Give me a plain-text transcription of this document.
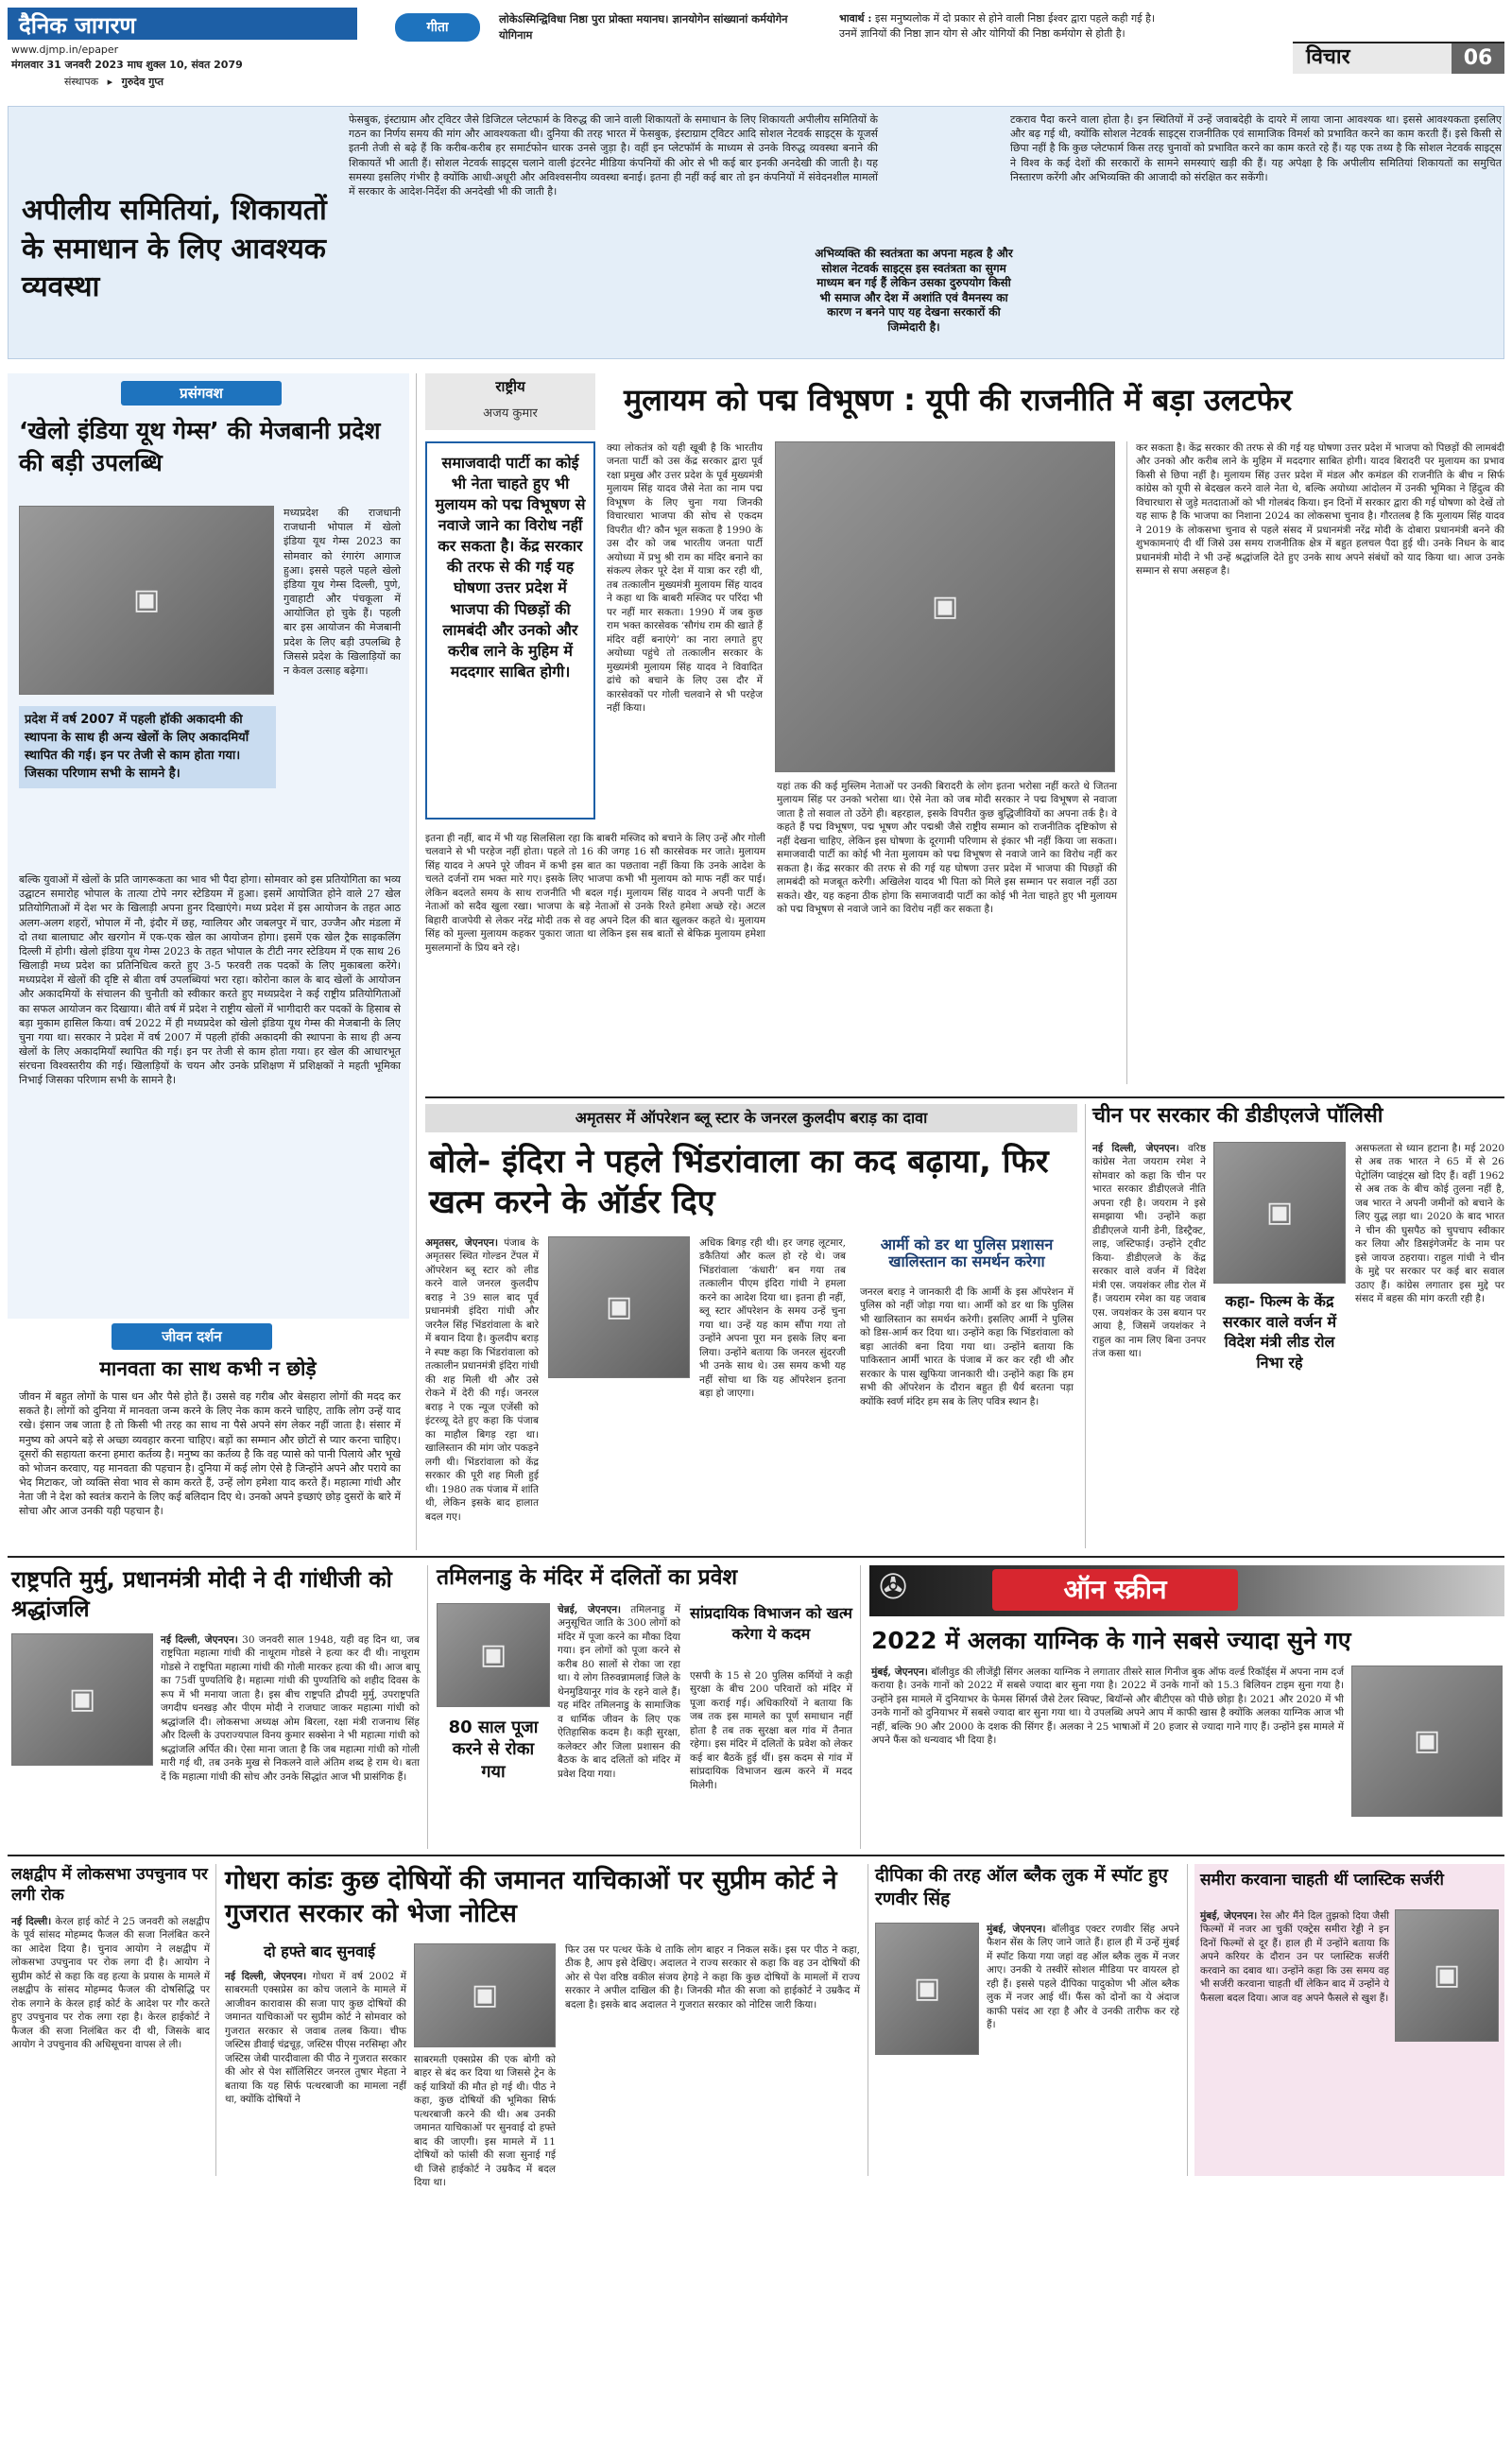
दैनिक जागरण
www.djmp.in/epaper
मंगलवार 31 जनवरी 2023 माघ शुक्ल 10, संवत 2079
संस्थापक ▸ गुरुदेव गुप्त
गीता
लोकेऽस्मिन्द्विविधा निष्ठा पुरा प्रोक्ता मयानघ। ज्ञानयोगेन सांख्यानां कर्मयोगेन योगिनाम
भावार्थ : इस मनुष्यलोक में दो प्रकार से होने वाली निष्ठा ईश्वर द्वारा पहले कही गई है। उनमें ज्ञानियों की निष्ठा ज्ञान योग से और योगियों की निष्ठा कर्मयोग से होती है।
विचार	06
अपीलीय समितियां, शिकायतों के समाधान के लिए आवश्यक व्यवस्था
फेसबुक, इंस्टाग्राम और ट्विटर जैसे डिजिटल प्लेटफार्म के विरुद्ध की जाने वाली शिकायतों के समाधान के लिए शिकायती अपीलीय समितियों के गठन का निर्णय समय की मांग और आवश्यकता थी। दुनिया की तरह भारत में फेसबुक, इंस्टाग्राम ट्विटर आदि सोशल नेटवर्क साइट्स के यूजर्स इतनी तेजी से बढ़े हैं कि करीब-करीब हर समार्टफोन धारक उनसे जुड़ा है। वहीं इन प्लेटफॉर्म के माध्यम से उनके विरुद्ध व्यवस्था बनाने की शिकायतें भी आती हैं। सोशल नेटवर्क साइट्स चलाने वाली इंटरनेट मीडिया कंपनियों की ओर से भी कई बार इनकी अनदेखी की जाती है। यह समस्या इसलिए गंभीर है क्योंकि आधी-अधूरी और अविश्वसनीय व्यवस्था बनाई। इतना ही नहीं कई बार तो इन कंपनियों में संवेदनशील मामलों में सरकार के आदेश-निर्देश की अनदेखी भी की जाती है।
टकराव पैदा करने वाला होता है। इन स्थितियों में उन्हें जवाबदेही के दायरे में लाया जाना आवश्यक था। इससे आवश्यकता इसलिए और बढ़ गई थी, क्योंकि सोशल नेटवर्क साइट्स राजनीतिक एवं सामाजिक विमर्श को प्रभावित करने का काम करती हैं। इसे किसी से छिपा नहीं है कि कुछ प्लेटफार्म किस तरह चुनावों को प्रभावित करने का काम करते रहे हैं। यह एक तथ्य है कि सोशल नेटवर्क साइट्स ने विश्व के कई देशों की सरकारों के सामने समस्याएं खड़ी की हैं। यह अपेक्षा है कि अपीलीय समितियां शिकायतों का समुचित निस्तारण करेंगी और अभिव्यक्ति की आजादी को संरक्षित कर सकेंगी।
अभिव्यक्ति की स्वतंत्रता का अपना महत्व है और सोशल नेटवर्क साइट्स इस स्वतंत्रता का सुगम माध्यम बन गई हैं लेकिन उसका दुरुपयोग किसी भी समाज और देश में अशांति एवं वैमनस्य का कारण न बनने पाए यह देखना सरकारों की जिम्मेदारी है।
प्रसंगवश
‘खेलो इंडिया यूथ गेम्स’ की मेजबानी प्रदेश की बड़ी उपलब्धि
▣
मध्यप्रदेश की राजधानी राजधानी भोपाल में खेलो इंडिया यूथ गेम्स 2023 का सोमवार को रंगारंग आगाज हुआ। इससे पहले पहले खेलो इंडिया यूथ गेम्स दिल्ली, पुणे, गुवाहाटी और पंचकूला में आयोजित हो चुके हैं। पहली बार इस आयोजन की मेजबानी प्रदेश के लिए बड़ी उपलब्धि है जिससे प्रदेश के खिलाड़ियों का न केवल उत्साह बढ़ेगा।
प्रदेश में वर्ष 2007 में पहली हॉकी अकादमी की स्थापना के साथ ही अन्य खेलों के लिए अकादमियाँ स्थापित की गई। इन पर तेजी से काम होता गया। जिसका परिणाम सभी के सामने है।
बल्कि युवाओं में खेलों के प्रति जागरूकता का भाव भी पैदा होगा। सोमवार को इस प्रतियोगिता का भव्य उद्घाटन समारोह भोपाल के तात्या टोपे नगर स्टेडियम में हुआ। इसमें आयोजित होने वाले 27 खेल प्रतियोगिताओं में देश भर के खिलाड़ी अपना हुनर दिखाएंगे। मध्य प्रदेश में इस आयोजन के तहत आठ अलग-अलग शहरों, भोपाल में नौ, इंदौर में छह, ग्वालियर और जबलपुर में चार, उज्जैन और मंडला में दो तथा बालाघाट और खरगोन में एक-एक खेल का आयोजन होगा। इसमें एक खेल ट्रैक साइकलिंग दिल्ली में होगी। खेलो इंडिया यूथ गेम्स 2023 के तहत भोपाल के टीटी नगर स्टेडियम में एक साथ 26 खिलाड़ी मध्य प्रदेश का प्रतिनिधित्व करते हुए 3-5 फरवरी तक पदकों के लिए मुकाबला करेंगे। मध्यप्रदेश में खेलों की दृष्टि से बीता वर्ष उपलब्धियां भरा रहा। कोरोना काल के बाद खेलों के आयोजन और अकादमियों के संचालन की चुनौती को स्वीकार करते हुए मध्यप्रदेश ने कई राष्ट्रीय प्रतियोगिताओं का सफल आयोजन कर दिखाया। बीते वर्ष में प्रदेश ने राष्ट्रीय खेलों में भागीदारी कर पदकों के हिसाब से बड़ा मुकाम हासिल किया। वर्ष 2022 में ही मध्यप्रदेश को खेलो इंडिया यूथ गेम्स की मेजबानी के लिए चुना गया था। सरकार ने प्रदेश में वर्ष 2007 में पहली हॉकी अकादमी की स्थापना के साथ ही अन्य खेलों के लिए अकादमियाँ स्थापित की गई। इन पर तेजी से काम होता गया। हर खेल की आधारभूत संरचना विश्वस्तरीय की गई। खिलाड़ियों के चयन और उनके प्रशिक्षण में प्रशिक्षकों ने महती भूमिका निभाई जिसका परिणाम सभी के सामने है।
जीवन दर्शन
मानवता का साथ कभी न छोड़े
जीवन में बहुत लोगों के पास धन और पैसे होते हैं। उससे वह गरीब और बेसहारा लोगों की मदद कर सकते है। लोगों को दुनिया में मानवता जन्म करने के लिए नेक काम करने चाहिए, ताकि लोग उन्हें याद रखे। इंसान जब जाता है तो किसी भी तरह का साथ ना पैसे अपने संग लेकर नहीं जाता है। संसार में मनुष्य को अपने बड़े से अच्छा व्यवहार करना चाहिए। बड़ों का सम्मान और छोटों से प्यार करना चाहिए। दूसरों की सहायता करना हमारा कर्तव्य है। मनुष्य का कर्तव्य है कि वह प्यासे को पानी पिलाये और भूखे को भोजन करवाए, यह मानवता की पहचान है। दुनिया में कई लोग ऐसे है जिन्होंने अपने और पराये का भेद मिटाकर, जो व्यक्ति सेवा भाव से काम करते हैं, उन्हें लोग हमेशा याद करते हैं। महात्मा गांधी और नेता जी ने देश को स्वतंत्र कराने के लिए कई बलिदान दिए थे। उनको अपने इच्छाएं छोड़ दुसरों के बारे में सोचा और आज उनकी यही पहचान है।
राष्ट्रीय
अजय कुमार	मुलायम को पद्म विभूषण : यूपी की राजनीति में बड़ा उलटफेर
समाजवादी पार्टी का कोई भी नेता चाहते हुए भी मुलायम को पद्म विभूषण से नवाजे जाने का विरोध नहीं कर सकता है। केंद्र सरकार की तरफ से की गई यह घोषणा उत्तर प्रदेश में भाजपा की पिछड़ों की लामबंदी और उनको और करीब लाने के मुहिम में मददगार साबित होगी।
क्या लोकतंत्र को यही खूबी है कि भारतीय जनता पार्टी को उस केंद्र सरकार द्वारा पूर्व रक्षा प्रमुख और उत्तर प्रदेश के पूर्व मुख्यमंत्री मुलायम सिंह यादव जैसे नेता का नाम पद्म विभूषण के लिए चुना गया जिनकी विचारधारा भाजपा की सोच से एकदम विपरीत थी? कौन भूल सकता है 1990 के उस दौर को जब भारतीय जनता पार्टी अयोध्या में प्रभु श्री राम का मंदिर बनाने का संकल्प लेकर पूरे देश में यात्रा कर रही थी, तब तत्कालीन मुख्यमंत्री मुलायम सिंह यादव ने कहा था कि बाबरी मस्जिद पर परिंदा भी पर नहीं मार सकता। 1990 में जब कुछ राम भक्त कारसेवक ‘सौगंध राम की खाते हैं मंदिर वहीं बनाएंगे’ का नारा लगाते हुए अयोध्या पहुंचे तो तत्कालीन सरकार के मुख्यमंत्री मुलायम सिंह यादव ने विवादित ढांचे को बचाने के लिए उस दौर में कारसेवकों पर गोली चलवाने से भी परहेज नहीं किया।
▣
इतना ही नहीं, बाद में भी यह सिलसिला रहा कि बाबरी मस्जिद को बचाने के लिए उन्हें और गोली चलवाने से भी परहेज नहीं होता। पहले तो 16 की जगह 16 सौ कारसेवक मर जाते। मुलायम सिंह यादव ने अपने पूरे जीवन में कभी इस बात का पछतावा नहीं किया कि उनके आदेश के चलते दर्जनों राम भक्त मारे गए। इसके लिए भाजपा कभी भी मुलायम को माफ नहीं कर पाई। लेकिन बदलते समय के साथ राजनीति भी बदल गई। मुलायम सिंह यादव ने अपनी पार्टी के नेताओं को सदैव खुला रखा। भाजपा के बड़े नेताओं से उनके रिश्ते हमेशा अच्छे रहे। अटल बिहारी वाजपेयी से लेकर नरेंद्र मोदी तक से वह अपने दिल की बात खुलकर कहते थे। मुलायम सिंह को मुल्ला मुलायम कहकर पुकारा जाता था लेकिन इस सब बातों से बेफिक्र मुलायम हमेशा मुसलमानों के प्रिय बने रहे।
यहां तक की कई मुस्लिम नेताओं पर उनकी बिरादरी के लोग इतना भरोसा नहीं करते थे जितना मुलायम सिंह पर उनको भरोसा था। ऐसे नेता को जब मोदी सरकार ने पद्म विभूषण से नवाजा जाता है तो सवाल तो उठेंगे ही। बहरहाल, इसके विपरीत कुछ बुद्धिजीवियों का अपना तर्क है। वे कहते हैं पद्म विभूषण, पद्म भूषण और पद्मश्री जैसे राष्ट्रीय सम्मान को राजनीतिक दृष्टिकोण से नहीं देखना चाहिए, लेकिन इस घोषणा के दूरगामी परिणाम से इंकार भी नहीं किया जा सकता। समाजवादी पार्टी का कोई भी नेता मुलायम को पद्म विभूषण से नवाजे जाने का विरोध नहीं कर सकता है। केंद्र सरकार की तरफ से की गई यह घोषणा उत्तर प्रदेश में भाजपा की पिछड़ों की लामबंदी को मजबूत करेगी। अखिलेश यादव भी पिता को मिले इस सम्मान पर सवाल नहीं उठा सकते। खैर, यह कहना ठीक होगा कि समाजवादी पार्टी का कोई भी नेता चाहते हुए भी मुलायम को पद्म विभूषण से नवाजे जाने का विरोध नहीं कर सकता है।
कर सकता है। केंद्र सरकार की तरफ से की गई यह घोषणा उत्तर प्रदेश में भाजपा को पिछड़ों की लामबंदी और उनको और करीब लाने के मुहिम में मददगार साबित होगी। यादव बिरादरी पर मुलायम का प्रभाव किसी से छिपा नहीं है। मुलायम सिंह उत्तर प्रदेश में मंडल और कमंडल की राजनीति के बीच न सिर्फ कांग्रेस को यूपी से बेदखल करने वाले नेता थे, बल्कि अयोध्या आंदोलन में उनकी भूमिका ने हिंदुत्व की विचारधारा से जुड़े मतदाताओं को भी गोलबंद किया। इन दिनों में सरकार द्वारा की गई घोषणा को देखें तो यह साफ है कि भाजपा का निशाना 2024 का लोकसभा चुनाव है। गौरतलब है कि मुलायम सिंह यादव ने 2019 के लोकसभा चुनाव से पहले संसद में प्रधानमंत्री नरेंद्र मोदी के दोबारा प्रधानमंत्री बनने की शुभकामनाएं दी थीं जिसे उस समय राजनीतिक क्षेत्र में बहुत हलचल पैदा हुई थी। उनके निधन के बाद प्रधानमंत्री मोदी ने भी उन्हें श्रद्धांजलि देते हुए उनके साथ अपने संबंधों को याद किया था। आज उनके सम्मान से सपा असहज है।
अमृतसर में ऑपरेशन ब्लू स्टार के जनरल कुलदीप बराड़ का दावा
बोले- इंदिरा ने पहले भिंडरांवाला का कद बढ़ाया, फिर खत्म करने के ऑर्डर दिए
अमृतसर, जेएनएन। पंजाब के अमृतसर स्थित गोल्डन टेंपल में ऑपरेशन ब्लू स्टार को लीड करने वाले जनरल कुलदीप बराड़ ने 39 साल बाद पूर्व प्रधानमंत्री इंदिरा गांधी और जरनैल सिंह भिंडरांवाला के बारे में बयान दिया है। कुलदीप बराड़ ने स्पष्ट कहा कि भिंडरांवाला को तत्कालीन प्रधानमंत्री इंदिरा गांधी की शह मिली थी और उसे रोकने में देरी की गई। जनरल बराड़ ने एक न्यूज एजेंसी को इंटरव्यू देते हुए कहा कि पंजाब का माहौल बिगड़ रहा था। खालिस्तान की मांग जोर पकड़ने लगी थी। भिंडरांवाला को केंद्र सरकार की पूरी शह मिली हुई थी। 1980 तक पंजाब में शांति थी, लेकिन इसके बाद हालात बदल गए।
▣
अधिक बिगड़ रही थी। हर जगह लूटमार, डकैतियां और कत्ल हो रहे थे। जब भिंडरांवाला ‘कंधारी’ बन गया तब तत्कालीन पीएम इंदिरा गांधी ने हमला करने का आदेश दिया था। इतना ही नहीं, ब्लू स्टार ऑपरेशन के समय उन्हें चुना गया था। उन्हें यह काम सौंपा गया तो उन्होंने अपना पूरा मन इसके लिए बना लिया। उन्होंने बताया कि जनरल सुंदरजी भी उनके साथ थे। उस समय कभी यह नहीं सोचा था कि यह ऑपरेशन इतना बड़ा हो जाएगा।
आर्मी को डर था पुलिस प्रशासन खालिस्तान का समर्थन करेगा
जनरल बराड़ ने जानकारी दी कि आर्मी के इस ऑपरेशन में पुलिस को नहीं जोड़ा गया था। आर्मी को डर था कि पुलिस भी खालिस्तान का समर्थन करेगी। इसलिए आर्मी ने पुलिस को डिस-आर्म कर दिया था। उन्होंने कहा कि भिंडरांवाला को बड़ा आतंकी बना दिया गया था। उन्होंने बताया कि पाकिस्तान आर्मी भारत के पंजाब में कर कर रही थी और सरकार के पास खुफिया जानकारी थी। उन्होंने कहा कि हम सभी की ऑपरेशन के दौरान बहुत ही धैर्य बरतना पड़ा क्योंकि स्वर्ण मंदिर हम सब के लिए पवित्र स्थान है।
चीन पर सरकार की डीडीएलजे पॉलिसी
नई दिल्ली, जेएनएन। वरिष्ठ कांग्रेस नेता जयराम रमेश ने सोमवार को कहा कि चीन पर भारत सरकार डीडीएलजे नीति अपना रही है। जयराम ने इसे समझाया भी। उन्होंने कहा डीडीएलजे यानी डेनी, डिस्ट्रैक्ट, लाइ, जस्टिफाई। उन्होंने ट्वीट किया- डीडीएलजे के केंद्र सरकार वाले वर्जन में विदेश मंत्री एस. जयशंकर लीड रोल में हैं। जयराम रमेश का यह जवाब एस. जयशंकर के उस बयान पर आया है, जिसमें जयशंकर ने राहुल का नाम लिए बिना उनपर तंज कसा था।
▣
कहा- फिल्म के केंद्र सरकार वाले वर्जन में विदेश मंत्री लीड रोल निभा रहे
असफलता से ध्यान हटाना है। मई 2020 से अब तक भारत ने 65 में से 26 पेट्रोलिंग प्वाइंट्स खो दिए हैं। वहीं 1962 से अब तक के बीच कोई तुलना नहीं है, जब भारत ने अपनी जमीनों को बचाने के लिए युद्ध लड़ा था। 2020 के बाद भारत ने चीन की घुसपैठ को चुपचाप स्वीकार कर लिया और डिसइंगेजमेंट के नाम पर इसे जायज ठहराया। राहुल गांधी ने चीन के मुद्दे पर सरकार पर कई बार सवाल उठाए हैं। कांग्रेस लगातार इस मुद्दे पर संसद में बहस की मांग करती रही है।
राष्ट्रपति मुर्मु, प्रधानमंत्री मोदी ने दी गांधीजी को श्रद्धांजलि
▣
नई दिल्ली, जेएनएन। 30 जनवरी साल 1948, यही वह दिन था, जब राष्ट्रपिता महात्मा गांधी की नाथूराम गोडसे ने हत्या कर दी थी। नाथूराम गोडसे ने राष्ट्रपिता महात्मा गांधी की गोली मारकर हत्या की थी। आज बापू का 75वीं पुण्यतिथि है। महात्मा गांधी की पुण्यतिथि को शहीद दिवस के रूप में भी मनाया जाता है। इस बीच राष्ट्रपति द्रौपदी मुर्मु, उपराष्ट्रपति जगदीप धनखड़ और पीएम मोदी ने राजघाट जाकर महात्मा गांधी को श्रद्धांजलि दी। लोकसभा अध्यक्ष ओम बिरला, रक्षा मंत्री राजनाथ सिंह और दिल्ली के उपराज्यपाल विनय कुमार सक्सेना ने भी महात्मा गांधी को श्रद्धांजलि अर्पित की। ऐसा माना जाता है कि जब महात्मा गांधी को गोली मारी गई थी, तब उनके मुख से निकलने वाले अंतिम शब्द हे राम थे। बता दें कि महात्मा गांधी की सोच और उनके सिद्धांत आज भी प्रासंगिक हैं।
तमिलनाडु के मंदिर में दलितों का प्रवेश
▣
80 साल पूजा करने से रोका गया
चेन्नई, जेएनएन। तमिलनाडु में अनुसूचित जाति के 300 लोगों को मंदिर में पूजा करने का मौका दिया गया। इन लोगों को पूजा करने से करीब 80 सालों से रोका जा रहा था। ये लोग तिरुवन्नामलाई जिले के थेनमुडियानूर गांव के रहने वाले हैं। यह मंदिर तमिलनाडु के सामाजिक व धार्मिक जीवन के लिए एक ऐतिहासिक कदम है। कड़ी सुरक्षा, कलेक्टर और जिला प्रशासन की बैठक के बाद दलितों को मंदिर में प्रवेश दिया गया।
सांप्रदायिक विभाजन को खत्म करेगा ये कदम
एसपी के 15 से 20 पुलिस कर्मियों ने कड़ी सुरक्षा के बीच 200 परिवारों को मंदिर में पूजा कराई गई। अधिकारियों ने बताया कि जब तक इस मामले का पूर्ण समाधान नहीं होता है तब तक सुरक्षा बल गांव में तैनात रहेगा। इस मंदिर में दलितों के प्रवेश को लेकर कई बार बैठकें हुई थीं। इस कदम से गांव में सांप्रदायिक विभाजन खत्म करने में मदद मिलेगी।
✇	ऑन स्क्रीन
2022 में अलका याग्निक के गाने सबसे ज्यादा सुने गए
मुंबई, जेएनएन। बॉलीवुड की लीजेंड्री सिंगर अलका याग्निक ने लगातार तीसरे साल गिनीज बुक ऑफ वर्ल्ड रिकॉर्ड्स में अपना नाम दर्ज कराया है। उनके गानों को 2022 में सबसे ज्यादा बार सुना गया है। 2022 में उनके गानों को 15.3 बिलियन टाइम सुना गया है। उन्होंने इस मामले में दुनियाभर के फेमस सिंगर्स जैसे टेलर स्विफ्ट, बियॉन्से और बीटीएस को पीछे छोड़ा है। 2021 और 2020 में भी उनके गानों को दुनियाभर में सबसे ज्यादा बार सुना गया था। ये उपलब्धि अपने आप में काफी खास है क्योंकि अलका याग्निक आज भी नहीं, बल्कि 90 और 2000 के दशक की सिंगर हैं। अलका ने 25 भाषाओं में 20 हजार से ज्यादा गाने गाए हैं। उन्होंने इस मामले में अपने फैंस को धन्यवाद भी दिया है।	▣
लक्षद्वीप में लोकसभा उपचुनाव पर लगी रोक
नई दिल्ली। केरल हाई कोर्ट ने 25 जनवरी को लक्षद्वीप के पूर्व सांसद मोहम्मद फैजल की सजा निलंबित करने का आदेश दिया है। चुनाव आयोग ने लक्षद्वीप में लोकसभा उपचुनाव पर रोक लगा दी है। आयोग ने सुप्रीम कोर्ट से कहा कि वह हत्या के प्रयास के मामले में लक्षद्वीप के सांसद मोहम्मद फैजल की दोषसिद्धि पर रोक लगाने के केरल हाई कोर्ट के आदेश पर गौर करते हुए उपचुनाव पर रोक लगा रहा है। केरल हाईकोर्ट ने फैजल की सजा निलंबित कर दी थी, जिसके बाद आयोग ने उपचुनाव की अधिसूचना वापस ले ली।
गोधरा कांडः कुछ दोषियों की जमानत याचिकाओं पर सुप्रीम कोर्ट ने गुजरात सरकार को भेजा नोटिस
दो हफ्ते बाद सुनवाई
▣
नई दिल्ली, जेएनएन। गोधरा में वर्ष 2002 में साबरमती एक्सप्रेस का कोच जलाने के मामले में आजीवन कारावास की सजा पाए कुछ दोषियों की जमानत याचिकाओं पर सुप्रीम कोर्ट ने सोमवार को गुजरात सरकार से जवाब तलब किया। चीफ जस्टिस डीवाई चंद्रचूड़, जस्टिस पीएस नरसिम्हा और जस्टिस जेबी पारदीवाला की पीठ ने गुजरात सरकार की ओर से पेश सॉलिसिटर जनरल तुषार मेहता ने बताया कि यह सिर्फ पत्थरबाजी का मामला नहीं था, क्योंकि दोषियों ने
साबरमती एक्सप्रेस की एक बोगी को बाहर से बंद कर दिया था जिससे ट्रेन के कई यात्रियों की मौत हो गई थी। पीठ ने कहा, कुछ दोषियों की भूमिका सिर्फ पत्थरबाजी करने की थी। अब उनकी जमानत याचिकाओं पर सुनवाई दो हफ्ते बाद की जाएगी। इस मामले में 11 दोषियों को फांसी की सजा सुनाई गई थी जिसे हाईकोर्ट ने उम्रकैद में बदल दिया था।
फिर उस पर पत्थर फेंके थे ताकि लोग बाहर न निकल सकें। इस पर पीठ ने कहा, ठीक है, आप इसे देखिए। अदालत ने राज्य सरकार से कहा कि वह उन दोषियों की ओर से पेश वरिष्ठ वकील संजय हेगड़े ने कहा कि कुछ दोषियों के मामलों में राज्य सरकार ने अपील दाखिल की है। जिनकी मौत की सजा को हाईकोर्ट ने उम्रकैद में बदला है। इसके बाद अदालत ने गुजरात सरकार को नोटिस जारी किया।
दीपिका की तरह ऑल ब्लैक लुक में स्पॉट हुए रणवीर सिंह
▣
मुंबई, जेएनएन। बॉलीवुड एक्टर रणवीर सिंह अपने फैशन सेंस के लिए जाने जाते हैं। हाल ही में उन्हें मुंबई में स्पॉट किया गया जहां वह ऑल ब्लैक लुक में नजर आए। उनकी ये तस्वीरें सोशल मीडिया पर वायरल हो रही हैं। इससे पहले दीपिका पादुकोण भी ऑल ब्लैक लुक में नजर आई थीं। फैंस को दोनों का ये अंदाज काफी पसंद आ रहा है और वे उनकी तारीफ कर रहे हैं।
समीरा करवाना चाहती थीं प्लास्टिक सर्जरी
मुंबई, जेएनएन। रेस और मैंने दिल तुझको दिया जैसी फिल्मों में नजर आ चुकीं एक्ट्रेस समीरा रेड्डी ने इन दिनों फिल्मों से दूर हैं। हाल ही में उन्होंने बताया कि अपने करियर के दौरान उन पर प्लास्टिक सर्जरी करवाने का दबाव था। उन्होंने कहा कि उस समय वह भी सर्जरी करवाना चाहती थीं लेकिन बाद में उन्होंने ये फैसला बदल दिया। आज वह अपने फैसले से खुश हैं।
▣
